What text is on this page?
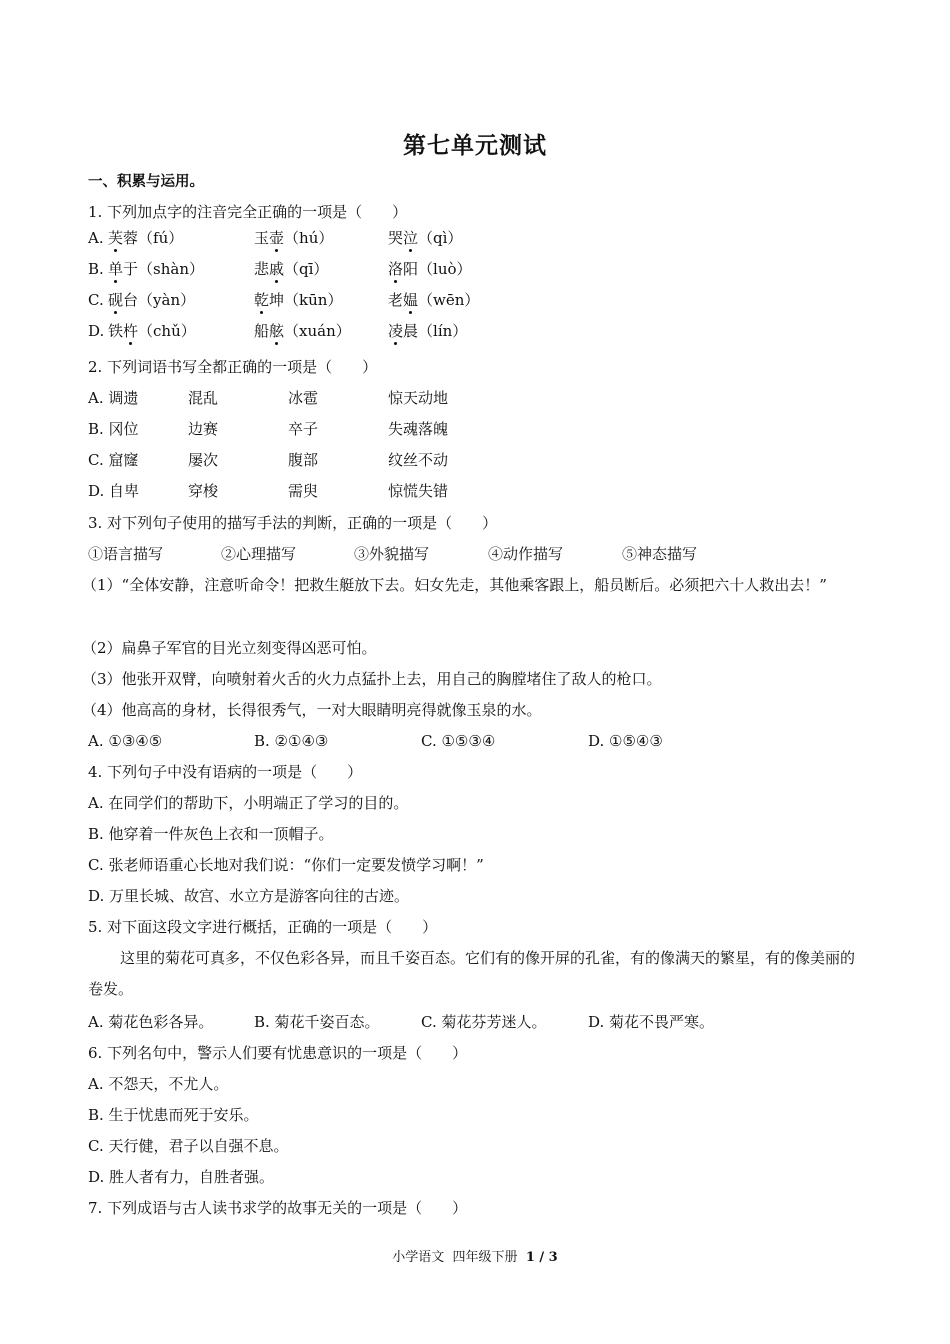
第七单元测试
一、积累与运用。
1. 下列加点字的注音完全正确的一项是（　　）
A. 芙蓉（fú）	玉壶（hú）	哭泣（qì）
B. 单于（shàn）	悲戚（qī）	洛阳（luò）
C. 砚台（yàn）	乾坤（kūn）	老媪（wēn）
D. 铁杵（chǔ）	船舷（xuán） 凌晨（lín）
2. 下列词语书写全都正确的一项是（　　）
A. 调遗	混乱	冰雹	惊天动地
B. 冈位	边赛	卒子	失魂落魄
C. 窟窿	屡次	腹部	纹丝不动
D. 自卑	穿梭	需臾	惊慌失错
3. 对下列句子使用的描写手法的判断，正确的一项是（　　）
①语言描写	②心理描写	③外貌描写	④动作描写	⑤神态描写
（1）“全体安静，注意听命令！把救生艇放下去。妇女先走，其他乘客跟上，船员断后。必须把六十人救出去！”
（2）扁鼻子军官的目光立刻变得凶恶可怕。
（3）他张开双臂，向喷射着火舌的火力点猛扑上去，用自己的胸膛堵住了敌人的枪口。
（4）他高高的身材，长得很秀气，一对大眼睛明亮得就像玉泉的水。
A. ①③④⑤	B. ②①④③	C. ①⑤③④	D. ①⑤④③
4. 下列句子中没有语病的一项是（　　）
A. 在同学们的帮助下，小明端正了学习的目的。
B. 他穿着一件灰色上衣和一顶帽子。
C. 张老师语重心长地对我们说：“你们一定要发愤学习啊！”
D. 万里长城、故宫、水立方是游客向往的古迹。
5. 对下面这段文字进行概括，正确的一项是（　　）
这里的菊花可真多，不仅色彩各异，而且千姿百态。它们有的像开屏的孔雀，有的像满天的繁星，有的像美丽的卷发。
A. 菊花色彩各异。	B. 菊花千姿百态。	C. 菊花芬芳迷人。	D. 菊花不畏严寒。
6. 下列名句中，警示人们要有忧患意识的一项是（　　）
A. 不怨天，不尤人。
B. 生于忧患而死于安乐。
C. 天行健，君子以自强不息。
D. 胜人者有力，自胜者强。
7. 下列成语与古人读书求学的故事无关的一项是（　　）
小学语文  四年级下册 1 / 3
